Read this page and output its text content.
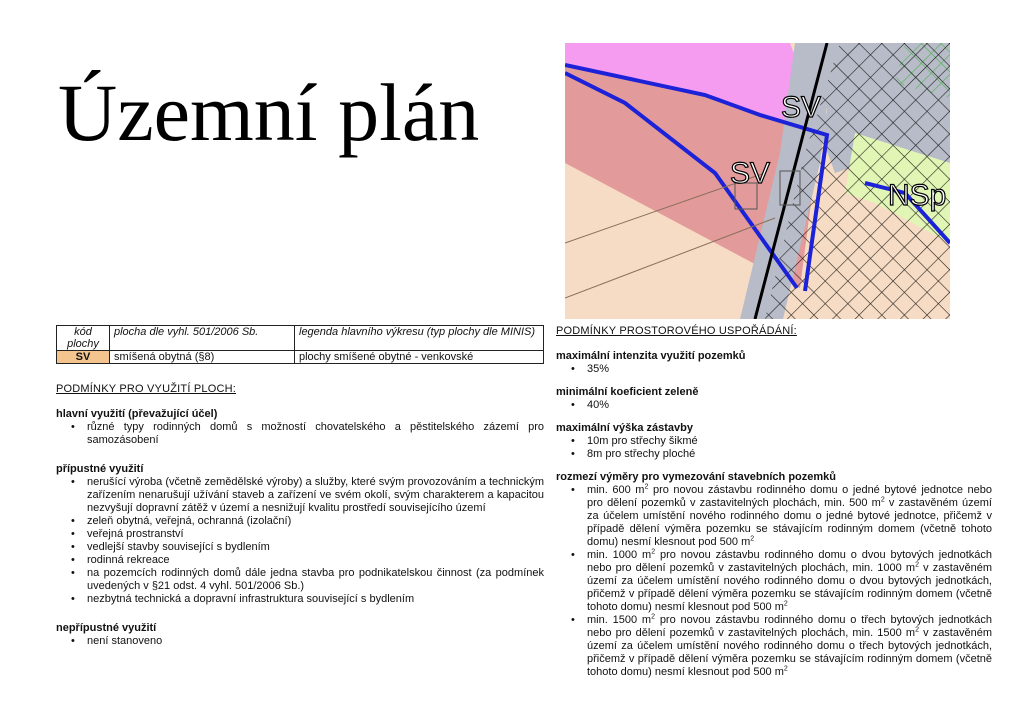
Územní plán	SV
SV
NSp
kód plochy	plocha dle vyhl. 501/2006 Sb.	legenda hlavního výkresu (typ plochy dle MINIS)
SV	smíšená obytná (§8)	plochy smíšené obytné - venkovské
PODMÍNKY PRO VYUŽITÍ PLOCH:
hlavní využití (převažující účel)
• různé typy rodinných domů s možností chovatelského a pěstitelského zázemí pro samozásobení
přípustné využití
• nerušící výroba (včetně zemědělské výroby) a služby, které svým provozováním a technickým zařízením nenarušují užívání staveb a zařízení ve svém okolí, svým charakterem a kapacitou nezvyšují dopravní zátěž v území a nesnižují kvalitu prostředí souvisejícího území
• zeleň obytná, veřejná, ochranná (izolační)
• veřejná prostranství
• vedlejší stavby související s bydlením
• rodinná rekreace
• na pozemcích rodinných domů dále jedna stavba pro podnikatelskou činnost (za podmínek uvedených v §21 odst. 4 vyhl. 501/2006 Sb.)
• nezbytná technická a dopravní infrastruktura související s bydlením
nepřípustné využití
• není stanoveno
PODMÍNKY PROSTOROVÉHO USPOŘÁDÁNÍ:
maximální intenzita využití pozemků
• 35%
minimální koeficient zeleně
• 40%
maximální výška zástavby
• 10m pro střechy šikmé
• 8m pro střechy ploché
rozmezí výměry pro vymezování stavebních pozemků
• min. 600 $m^2$ pro novou zástavbu rodinného domu o jedné bytové jednotce nebo pro dělení pozemků v zastavitelných plochách, min. 500 $m^2$ v zastavěném území za účelem umístění nového rodinného domu o jedné bytové jednotce, přičemž v případě dělení výměra pozemku se stávajícím rodinným domem (včetně tohoto domu) nesmí klesnout pod 500 $m^2$
• min. 1000 $m^2$ pro novou zástavbu rodinného domu o dvou bytových jednotkách nebo pro dělení pozemků v zastavitelných plochách, min. 1000 $m^2$ v zastavěném území za účelem umístění nového rodinného domu o dvou bytových jednotkách, přičemž v případě dělení výměra pozemku se stávajícím rodinným domem (včetně tohoto domu) nesmí klesnout pod 500 $m^2$
• min. 1500 $m^2$ pro novou zástavbu rodinného domu o třech bytových jednotkách nebo pro dělení pozemků v zastavitelných plochách, min. 1500 $m^2$ v zastavěném území za účelem umístění nového rodinného domu o třech bytových jednotkách, přičemž v případě dělení výměra pozemku se stávajícím rodinným domem (včetně tohoto domu) nesmí klesnout pod 500 $m^2$
